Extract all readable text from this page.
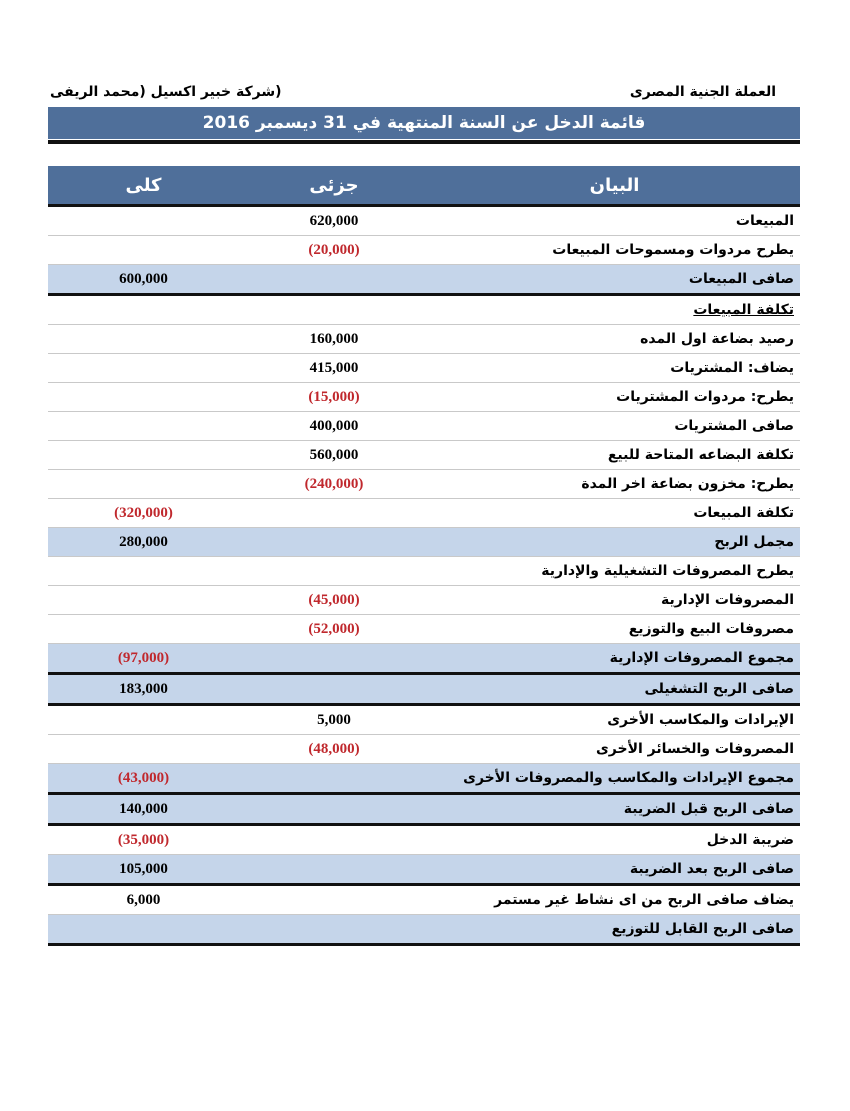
العملة الجنية المصرى
(شركة خبير اكسيل (محمد الريفى
قائمة الدخل عن السنة المنتهية في 31 ديسمبر 2016
البيان	جزئى	كلى
المبيعات	620,000	
يطرح مردوات ومسموحات المبيعات	(20,000)	
صافى المبيعات		600,000
تكلفة المبيعات		
رصيد بضاعة اول المده	160,000	
يضاف: المشتريات	415,000	
يطرح: مردوات المشتريات	(15,000)	
صافى المشتريات	400,000	
تكلفة البضاعه المتاحة للبيع	560,000	
يطرح: مخزون بضاعة اخر المدة	(240,000)	
تكلفة المبيعات		(320,000)
مجمل الربح		280,000
يطرح المصروفات التشغيلية والإدارية		
المصروفات الإدارية	(45,000)	
مصروفات البيع والتوزيع	(52,000)	
مجموع المصروفات الإدارية		(97,000)
صافى الربح التشغيلى		183,000
الإيرادات والمكاسب الأخرى	5,000	
المصروفات والخسائر الأخرى	(48,000)	
مجموع الإيرادات والمكاسب والمصروفات الأخرى		(43,000)
صافى الربح قبل الضريبة		140,000
ضريبة الدخل		(35,000)
صافى الربح بعد الضريبة		105,000
يضاف صافى الربح من اى نشاط غير مستمر		6,000
صافى الربح القابل للتوزيع		
